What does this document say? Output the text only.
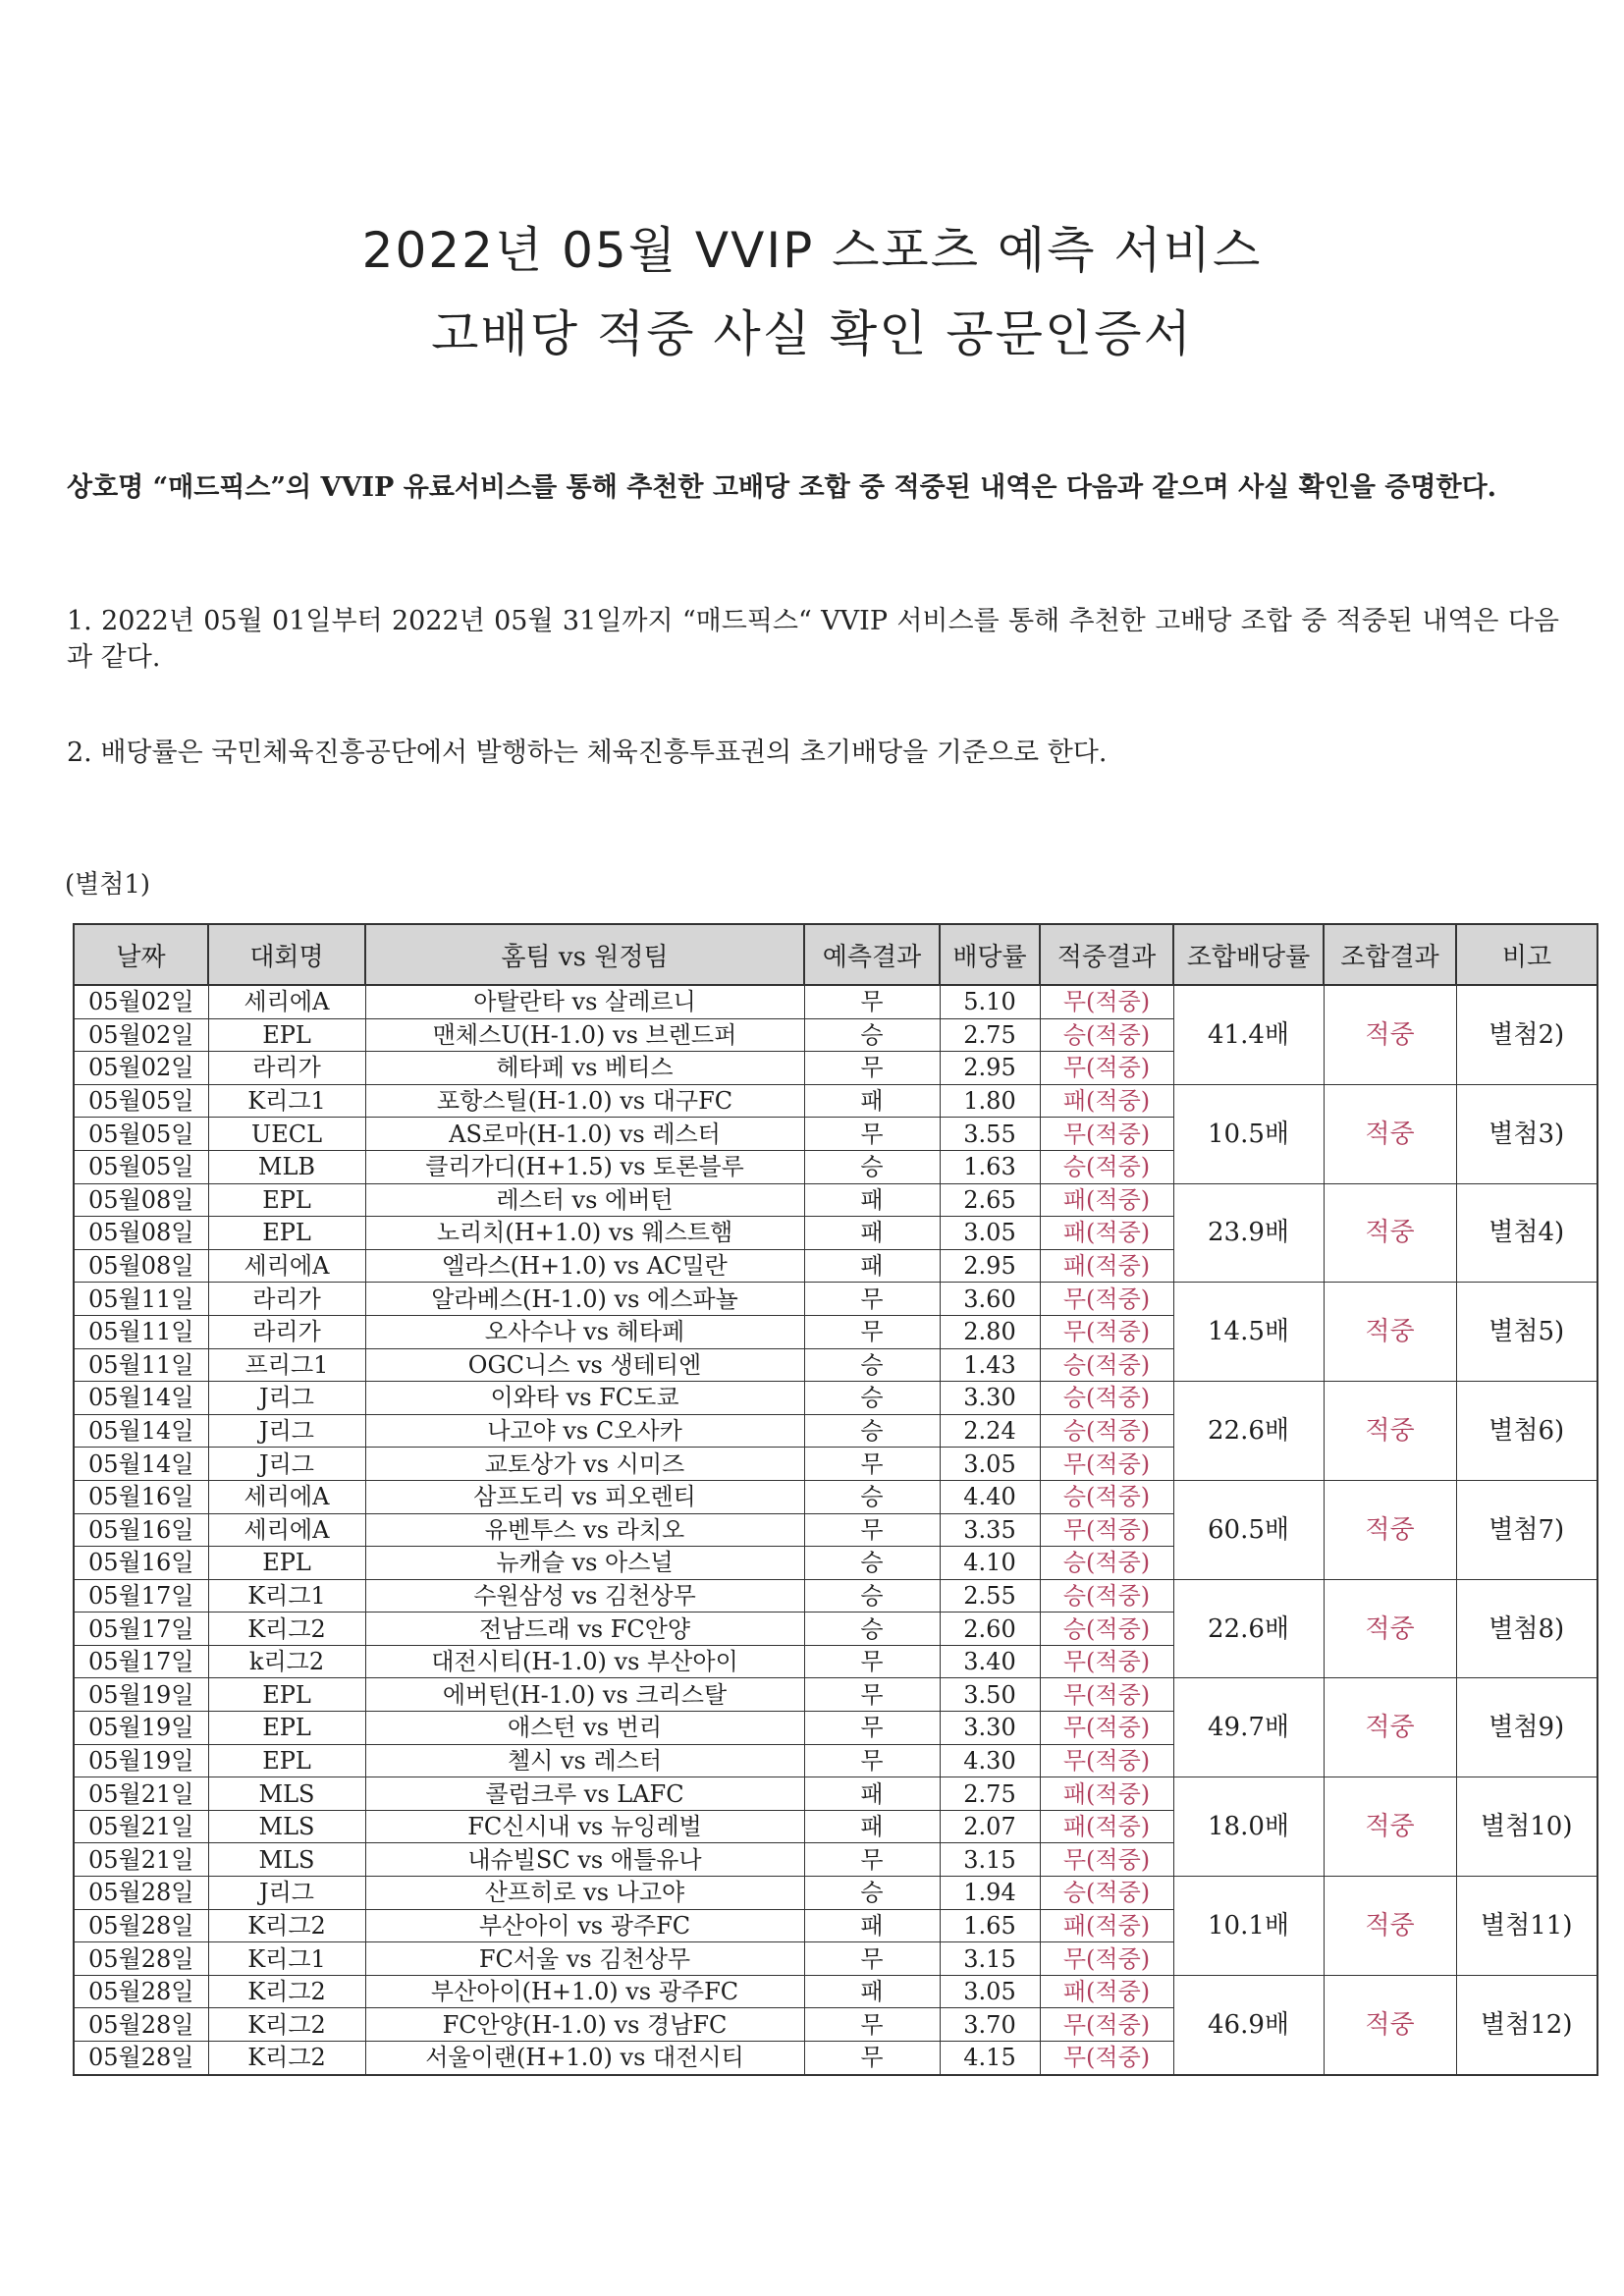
2022년 05월 VVIP 스포츠 예측 서비스
고배당 적중 사실 확인 공문인증서
상호명 “매드픽스”의 VVIP 유료서비스를 통해 추천한 고배당 조합 중 적중된 내역은 다음과 같으며 사실 확인을 증명한다.
1. 2022년 05월 01일부터 2022년 05월 31일까지 “매드픽스“ VVIP 서비스를 통해 추천한 고배당 조합 중 적중된 내역은 다음과 같다.
2. 배당률은 국민체육진흥공단에서 발행하는 체육진흥투표권의 초기배당을 기준으로 한다.
(별첨1)
날짜	대회명	홈팀 vs 원정팀	예측결과	배당률	적중결과	조합배당률	조합결과	비고
05월02일	세리에A	아탈란타 vs 살레르니	무	5.10	무(적중)	41.4배	적중	별첨2)
05월02일	EPL	맨체스U(H-1.0) vs 브렌드퍼	승	2.75	승(적중)			
05월02일	라리가	헤타페 vs 베티스	무	2.95	무(적중)			
05월05일	K리그1	포항스틸(H-1.0) vs 대구FC	패	1.80	패(적중)	10.5배	적중	별첨3)
05월05일	UECL	AS로마(H-1.0) vs 레스터	무	3.55	무(적중)			
05월05일	MLB	클리가디(H+1.5) vs 토론블루	승	1.63	승(적중)			
05월08일	EPL	레스터 vs 에버턴	패	2.65	패(적중)	23.9배	적중	별첨4)
05월08일	EPL	노리치(H+1.0) vs 웨스트햄	패	3.05	패(적중)			
05월08일	세리에A	엘라스(H+1.0) vs AC밀란	패	2.95	패(적중)			
05월11일	라리가	알라베스(H-1.0) vs 에스파뇰	무	3.60	무(적중)	14.5배	적중	별첨5)
05월11일	라리가	오사수나 vs 헤타페	무	2.80	무(적중)			
05월11일	프리그1	OGC니스 vs 생테티엔	승	1.43	승(적중)			
05월14일	J리그	이와타 vs FC도쿄	승	3.30	승(적중)	22.6배	적중	별첨6)
05월14일	J리그	나고야 vs C오사카	승	2.24	승(적중)			
05월14일	J리그	교토상가 vs 시미즈	무	3.05	무(적중)			
05월16일	세리에A	삼프도리 vs 피오렌티	승	4.40	승(적중)	60.5배	적중	별첨7)
05월16일	세리에A	유벤투스 vs 라치오	무	3.35	무(적중)			
05월16일	EPL	뉴캐슬 vs 아스널	승	4.10	승(적중)			
05월17일	K리그1	수원삼성 vs 김천상무	승	2.55	승(적중)	22.6배	적중	별첨8)
05월17일	K리그2	전남드래 vs FC안양	승	2.60	승(적중)			
05월17일	k리그2	대전시티(H-1.0) vs 부산아이	무	3.40	무(적중)			
05월19일	EPL	에버턴(H-1.0) vs 크리스탈	무	3.50	무(적중)	49.7배	적중	별첨9)
05월19일	EPL	애스턴 vs 번리	무	3.30	무(적중)			
05월19일	EPL	첼시 vs 레스터	무	4.30	무(적중)			
05월21일	MLS	콜럼크루 vs LAFC	패	2.75	패(적중)	18.0배	적중	별첨10)
05월21일	MLS	FC신시내 vs 뉴잉레벌	패	2.07	패(적중)			
05월21일	MLS	내슈빌SC vs 애틀유나	무	3.15	무(적중)			
05월28일	J리그	산프히로 vs 나고야	승	1.94	승(적중)	10.1배	적중	별첨11)
05월28일	K리그2	부산아이 vs 광주FC	패	1.65	패(적중)			
05월28일	K리그1	FC서울 vs 김천상무	무	3.15	무(적중)			
05월28일	K리그2	부산아이(H+1.0) vs 광주FC	패	3.05	패(적중)	46.9배	적중	별첨12)
05월28일	K리그2	FC안양(H-1.0) vs 경남FC	무	3.70	무(적중)			
05월28일	K리그2	서울이랜(H+1.0) vs 대전시티	무	4.15	무(적중)			
